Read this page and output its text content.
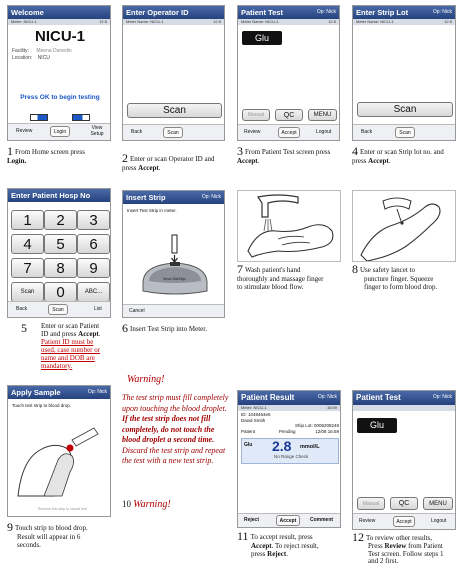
Welcome
Meter: NICU-1	12:5
NICU-1
Facility: Meena Dunedin
Location: NICU
Press OK to begin testing
Review	Login
View Setup
1 From Home screen press
Login.
Enter Operator ID
Meter Name: NICU-1	12:5
Scan
Back	Scan
2 Enter or scan Operator ID and
press Accept.
Patient Test	Op: Nick
Meter Name: NICU-1	12:5
Glu
Manual	QC	MENU
Review	Accept	Logout
3 From Patient Test screen press
Accept.
Enter Strip Lot	Op: Nick
Meter Name: NICU-1	12:5
Scan
Back	Scan
4 Enter or scan Strip lot no. and
press Accept.
Enter Patient Hosp No
1	2	3
4	5	6
7	8	9
Scan	0	ABC...
Back	Scan	List
5 Enter or scan Patient
ID and press Accept.
Patient ID must be
used, case number or
name and DOB are
mandatory.
Insert Strip	Op: Nick
Insert Test Strip in meter.
Nova StatStrip
Cancel
6 Insert Test Strip into Meter.
7 Wash patient's hand
thoroughly and massage finger
to stimulate blood flow.
8 Use safety lancet to
puncture finger. Squeeze
finger to form blood drop.
Apply Sample	Op: Nick
Touch test strip to blood drop.
Remove test strip to cancel test
9 Touch strip to blood drop.
Result will appear in 6
seconds.
Warning!
The test strip must fill completely upon touching the blood droplet. If the test strip does not fill completely, do not touch the blood droplet a second time. Discard the test strip and repeat the test with a new test strip.
10 Warning!
Patient Result	Op: Nick
Meter: NICU-1	16:59
ID: 1048464e6
David Smith
Ship Lot: 0006208249
Patient	Pending	12/08 16:59
Glu 2.8 mmol/L
No Range Check
Reject	Accept	Comment
11 To accept result, press
Accept. To reject result,
press Reject.
Patient Test	Op: Nick
Glu
Manual	QC	MENU
Review	Accept	Logout
12 To review other results,
Press Review from Patient
Test screen. Follow steps 1
and 2 first.
